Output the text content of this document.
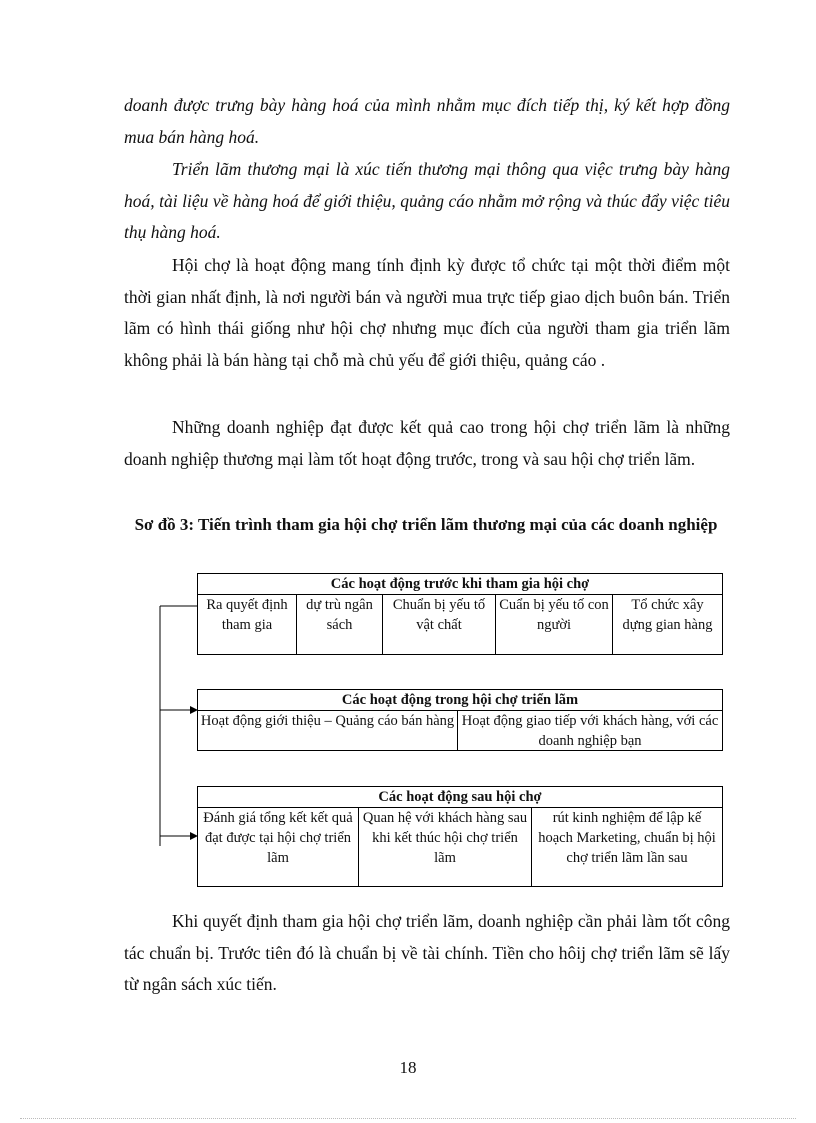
doanh được trưng bày hàng hoá của mình nhằm mục đích tiếp thị, ký kết hợp đồng mua bán hàng hoá.

Triển lãm thương mại là xúc tiến thương mại thông qua việc trưng bày hàng hoá, tài liệu về hàng hoá để giới thiệu, quảng cáo nhằm mở rộng và thúc đẩy việc tiêu thụ hàng hoá.

Hội chợ là hoạt động mang tính định kỳ được tổ chức tại một thời điểm một thời gian nhất định, là nơi người bán và người mua trực tiếp giao dịch buôn bán. Triển lãm có hình thái giống như hội chợ nhưng mục đích của người tham gia triển lãm không phải là bán hàng tại chỗ mà chủ yếu để giới thiệu, quảng cáo .

Những doanh nghiệp đạt được kết quả cao trong hội chợ triển lãm là những doanh nghiệp thương mại làm tốt hoạt động trước, trong và sau hội chợ triển lãm.

Sơ đồ 3: Tiến trình tham gia hội chợ triển lãm thương mại của các doanh nghiệp

Các hoạt động trước khi tham gia hội chợ
Ra quyết định tham gia
dự trù ngân sách
Chuẩn bị yếu tố vật chất
Cuẩn bị yếu tố con người
Tổ chức xây dựng gian hàng
Các hoạt động trong hội chợ triển lãm
Hoạt động giới thiệu – Quảng cáo bán hàng Hoạt động giao tiếp với khách hàng, với các doanh nghiệp bạn
Các hoạt động sau hội chợ
Đánh giá tổng kết kết quả đạt được tại hội chợ triển lãm
Quan hệ với khách hàng sau khi kết thúc hội chợ triển lãm
rút kinh nghiệm để lập kế hoạch Marketing, chuẩn bị hội chợ triển lãm lần sau

Khi quyết định tham gia hội chợ triển lãm, doanh nghiệp cần phải làm tốt công tác chuẩn bị. Trước tiên đó là chuẩn bị về tài chính. Tiền cho hôij chợ triển lãm sẽ lấy từ ngân sách xúc tiến.

18
